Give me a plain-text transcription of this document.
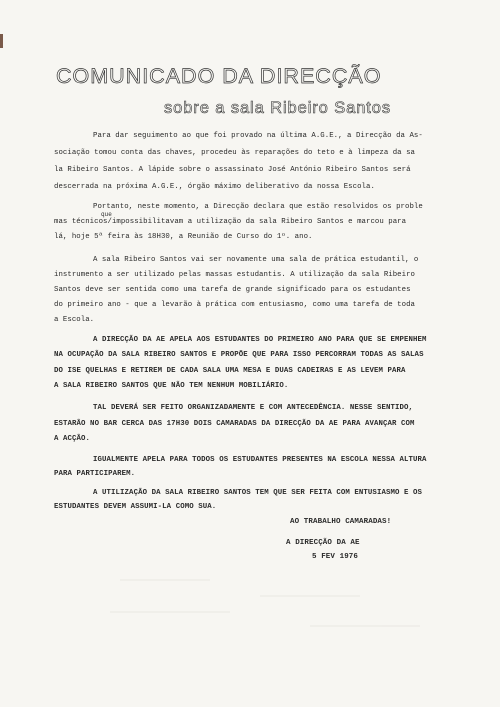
COMUNICADO DA DIRECÇÃO
sobre a sala Ribeiro Santos
Para dar seguimento ao que foi provado na última A.G.E., a Direcção da As-
sociação tomou conta das chaves, procedeu às reparações do teto e à limpeza da sa
la Ribeiro Santos. A lápide sobre o assassinato José António Ribeiro Santos será
descerrada na próxima A.G.E., órgão máximo deliberativo da nossa Escola.
Portanto, neste momento, a Direcção declara que estão resolvidos os proble
que
mas técnicos/impossibilitavam a utilização da sala Ribeiro Santos e marcou para
lá, hoje 5ª feira às 18H30, a Reunião de Curso do 1º. ano.
A sala Ribeiro Santos vai ser novamente uma sala de prática estudantil, o
instrumento a ser utilizado pelas massas estudantis. A utilização da sala Ribeiro
Santos deve ser sentida como uma tarefa de grande significado para os estudantes
do primeiro ano - que a levarão à prática com entusiasmo, como uma tarefa de toda
a Escola.
A DIRECÇÃO DA AE APELA AOS ESTUDANTES DO PRIMEIRO ANO PARA QUE SE EMPENHEM
NA OCUPAÇÃO DA SALA RIBEIRO SANTOS E PROPÕE QUE PARA ISSO PERCORRAM TODAS AS SALAS
DO ISE QUELHAS E RETIREM DE CADA SALA UMA MESA E DUAS CADEIRAS E AS LEVEM PARA
A SALA RIBEIRO SANTOS QUE NÃO TEM NENHUM MOBILIÁRIO.
TAL DEVERÁ SER FEITO ORGANIZADAMENTE E COM ANTECEDÊNCIA. NESSE SENTIDO,
ESTARÃO NO BAR CERCA DAS 17H30 DOIS CAMARADAS DA DIRECÇÃO DA AE PARA AVANÇAR COM
A ACÇÃO.
IGUALMENTE APELA PARA TODOS OS ESTUDANTES PRESENTES NA ESCOLA NESSA ALTURA
PARA PARTICIPAREM.
A UTILIZAÇÃO DA SALA RIBEIRO SANTOS TEM QUE SER FEITA COM ENTUSIASMO E OS
ESTUDANTES DEVEM ASSUMI-LA COMO SUA.
AO TRABALHO CAMARADAS!
A DIRECÇÃO DA AE
5 FEV 1976
